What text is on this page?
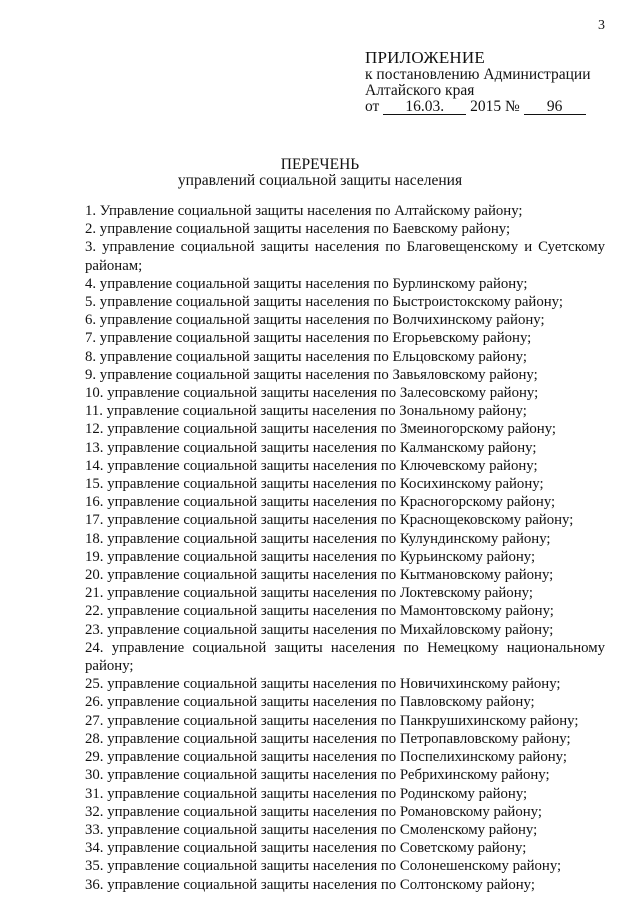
3
ПРИЛОЖЕНИЕ
к постановлению Администрации
Алтайского края
от 16.03. 2015 № 96
ПЕРЕЧЕНЬ
управлений социальной защиты населения
1. Управление социальной защиты населения по Алтайскому району;
2. управление социальной защиты населения по Баевскому району;
3. управление социальной защиты населения по Благовещенскому и Суетскому районам;
4. управление социальной защиты населения по Бурлинскому району;
5. управление социальной защиты населения по Быстроистокскому району;
6. управление социальной защиты населения по Волчихинскому району;
7. управление социальной защиты населения по Егорьевскому району;
8. управление социальной защиты населения по Ельцовскому району;
9. управление социальной защиты населения по Завьяловскому району;
10. управление социальной защиты населения по Залесовскому району;
11. управление социальной защиты населения по Зональному району;
12. управление социальной защиты населения по Змеиногорскому району;
13. управление социальной защиты населения по Калманскому району;
14. управление социальной защиты населения по Ключевскому району;
15. управление социальной защиты населения по Косихинскому району;
16. управление социальной защиты населения по Красногорскому району;
17. управление социальной защиты населения по Краснощековскому району;
18. управление социальной защиты населения по Кулундинскому району;
19. управление социальной защиты населения по Курьинскому району;
20. управление социальной защиты населения по Кытмановскому району;
21. управление социальной защиты населения по Локтевскому району;
22. управление социальной защиты населения по Мамонтовскому району;
23. управление социальной защиты населения по Михайловскому району;
24. управление социальной защиты населения по Немецкому национальному району;
25. управление социальной защиты населения по Новичихинскому району;
26. управление социальной защиты населения по Павловскому району;
27. управление социальной защиты населения по Панкрушихинскому району;
28. управление социальной защиты населения по Петропавловскому району;
29. управление социальной защиты населения по Поспелихинскому району;
30. управление социальной защиты населения по Ребрихинскому району;
31. управление социальной защиты населения по Родинскому району;
32. управление социальной защиты населения по Романовскому району;
33. управление социальной защиты населения по Смоленскому району;
34. управление социальной защиты населения по Советскому району;
35. управление социальной защиты населения по Солонешенскому району;
36. управление социальной защиты населения по Солтонскому району;
